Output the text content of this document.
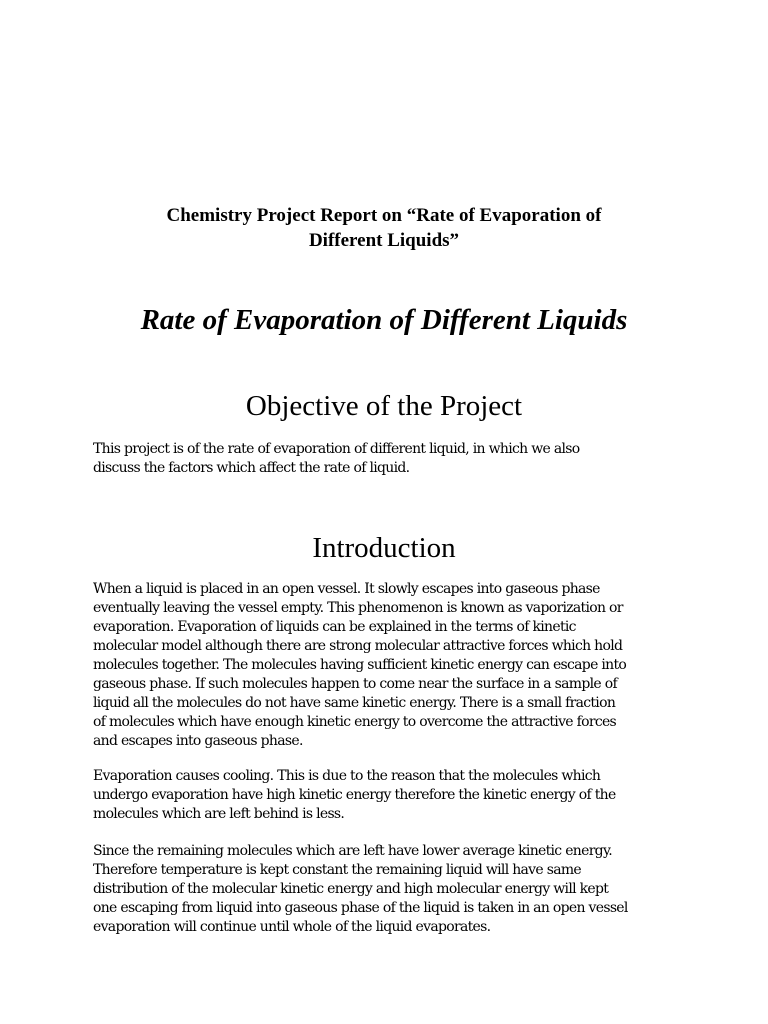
Chemistry Project Report on “Rate of Evaporation of
Different Liquids”
Rate of Evaporation of Different Liquids
Objective of the Project

This project is of the rate of evaporation of different liquid, in which we also
discuss the factors which affect the rate of liquid.

Introduction

When a liquid is placed in an open vessel. It slowly escapes into gaseous phase
eventually leaving the vessel empty. This phenomenon is known as vaporization or
evaporation. Evaporation of liquids can be explained in the terms of kinetic
molecular model although there are strong molecular attractive forces which hold
molecules together. The molecules having sufficient kinetic energy can escape into
gaseous phase. If such molecules happen to come near the surface in a sample of
liquid all the molecules do not have same kinetic energy. There is a small fraction
of molecules which have enough kinetic energy to overcome the attractive forces
and escapes into gaseous phase.

Evaporation causes cooling. This is due to the reason that the molecules which
undergo evaporation have high kinetic energy therefore the kinetic energy of the
molecules which are left behind is less.

Since the remaining molecules which are left have lower average kinetic energy.
Therefore temperature is kept constant the remaining liquid will have same
distribution of the molecular kinetic energy and high molecular energy will kept
one escaping from liquid into gaseous phase of the liquid is taken in an open vessel
evaporation will continue until whole of the liquid evaporates.
